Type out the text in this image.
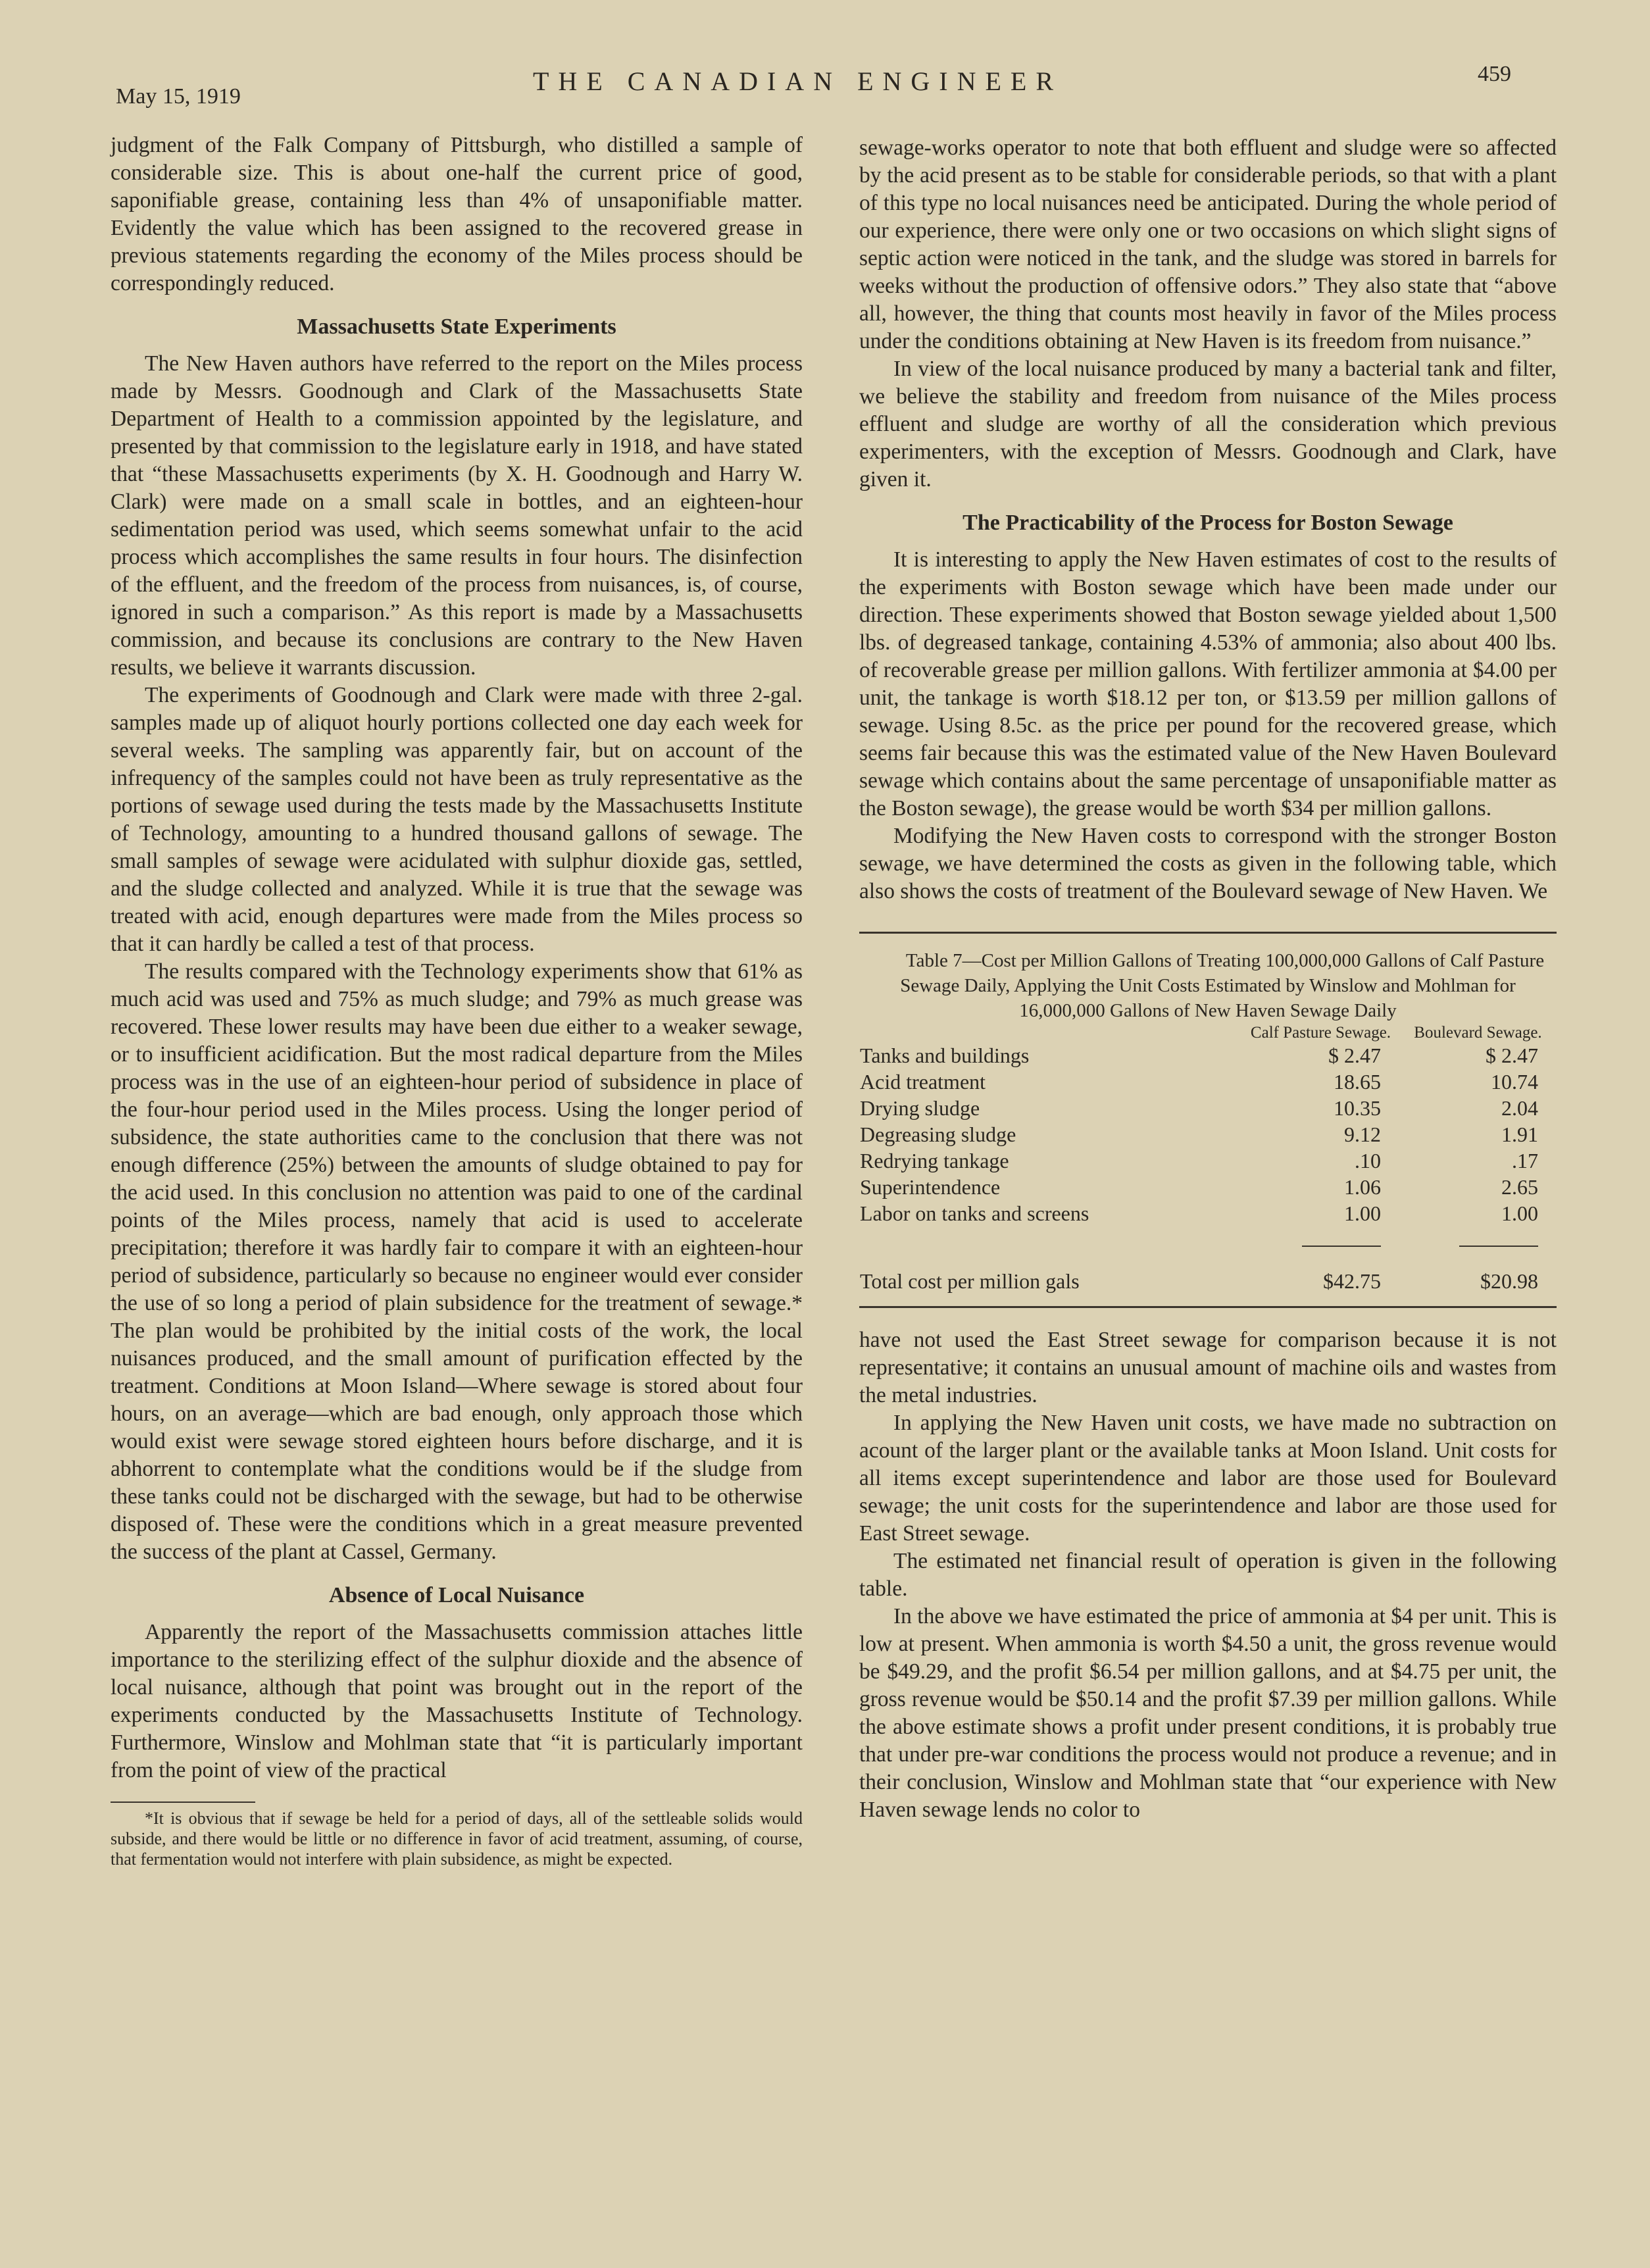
May 15, 1919
THE CANADIAN ENGINEER	459

judgment of the Falk Company of Pittsburgh, who distilled a sample of considerable size. This is about one-half the current price of good, saponifiable grease, containing less than 4% of unsaponifiable matter. Evidently the value which has been assigned to the recovered grease in previous statements regarding the economy of the Miles process should be correspondingly reduced.

Massachusetts State Experiments

The New Haven authors have referred to the report on the Miles process made by Messrs. Goodnough and Clark of the Massachusetts State Department of Health to a commission appointed by the legislature, and presented by that commission to the legislature early in 1918, and have stated that “these Massachusetts experiments (by X. H. Goodnough and Harry W. Clark) were made on a small scale in bottles, and an eighteen-hour sedimentation period was used, which seems somewhat unfair to the acid process which accomplishes the same results in four hours. The disinfection of the effluent, and the freedom of the process from nuisances, is, of course, ignored in such a comparison.” As this report is made by a Massachusetts commission, and because its conclusions are contrary to the New Haven results, we believe it warrants discussion.

The experiments of Goodnough and Clark were made with three 2-gal. samples made up of aliquot hourly portions collected one day each week for several weeks. The sampling was apparently fair, but on account of the infrequency of the samples could not have been as truly representative as the portions of sewage used during the tests made by the Massachusetts Institute of Technology, amounting to a hundred thousand gallons of sewage. The small samples of sewage were acidulated with sulphur dioxide gas, settled, and the sludge collected and analyzed. While it is true that the sewage was treated with acid, enough departures were made from the Miles process so that it can hardly be called a test of that process.

The results compared with the Technology experiments show that 61% as much acid was used and 75% as much sludge; and 79% as much grease was recovered. These lower results may have been due either to a weaker sewage, or to insufficient acidification. But the most radical departure from the Miles process was in the use of an eighteen-hour period of subsidence in place of the four-hour period used in the Miles process. Using the longer period of subsidence, the state authorities came to the conclusion that there was not enough difference (25%) between the amounts of sludge obtained to pay for the acid used. In this conclusion no attention was paid to one of the cardinal points of the Miles process, namely that acid is used to accelerate precipitation; therefore it was hardly fair to compare it with an eighteen-hour period of subsidence, particularly so because no engineer would ever consider the use of so long a period of plain subsidence for the treatment of sewage.* The plan would be prohibited by the initial costs of the work, the local nuisances produced, and the small amount of purification effected by the treatment. Conditions at Moon Island—Where sewage is stored about four hours, on an average—which are bad enough, only approach those which would exist were sewage stored eighteen hours before discharge, and it is abhorrent to contemplate what the conditions would be if the sludge from these tanks could not be discharged with the sewage, but had to be otherwise disposed of. These were the conditions which in a great measure prevented the success of the plant at Cassel, Germany.

Absence of Local Nuisance

Apparently the report of the Massachusetts commission attaches little importance to the sterilizing effect of the sulphur dioxide and the absence of local nuisance, although that point was brought out in the report of the experiments conducted by the Massachusetts Institute of Technology. Furthermore, Winslow and Mohlman state that “it is particularly important from the point of view of the practical

*It is obvious that if sewage be held for a period of days, all of the settleable solids would subside, and there would be little or no difference in favor of acid treatment, assuming, of course, that fermentation would not interfere with plain subsidence, as might be expected.

sewage-works operator to note that both effluent and sludge were so affected by the acid present as to be stable for considerable periods, so that with a plant of this type no local nuisances need be anticipated. During the whole period of our experience, there were only one or two occasions on which slight signs of septic action were noticed in the tank, and the sludge was stored in barrels for weeks without the production of offensive odors.” They also state that “above all, however, the thing that counts most heavily in favor of the Miles process under the conditions obtaining at New Haven is its freedom from nuisance.”

In view of the local nuisance produced by many a bacterial tank and filter, we believe the stability and freedom from nuisance of the Miles process effluent and sludge are worthy of all the consideration which previous experimenters, with the exception of Messrs. Goodnough and Clark, have given it.

The Practicability of the Process for Boston Sewage

It is interesting to apply the New Haven estimates of cost to the results of the experiments with Boston sewage which have been made under our direction. These experiments showed that Boston sewage yielded about 1,500 lbs. of degreased tankage, containing 4.53% of ammonia; also about 400 lbs. of recoverable grease per million gallons. With fertilizer ammonia at $4.00 per unit, the tankage is worth $18.12 per ton, or $13.59 per million gallons of sewage. Using 8.5c. as the price per pound for the recovered grease, which seems fair because this was the estimated value of the New Haven Boulevard sewage which contains about the same percentage of unsaponifiable matter as the Boston sewage), the grease would be worth $34 per million gallons.

Modifying the New Haven costs to correspond with the stronger Boston sewage, we have determined the costs as given in the following table, which also shows the costs of treatment of the Boulevard sewage of New Haven. We

Table 7—Cost per Million Gallons of Treating 100,000,000 Gallons of Calf Pasture Sewage Daily, Applying the Unit Costs Estimated by Winslow and Mohlman for 16,000,000 Gallons of New Haven Sewage Daily

	Calf Pasture Sewage.	Boulevard Sewage.
Tanks and buildings	$ 2.47	$ 2.47
Acid treatment	18.65	10.74
Drying sludge	10.35	2.04
Degreasing sludge	9.12	1.91
Redrying tankage	.10	.17
Superintendence	1.06	2.65
Labor on tanks and screens	1.00	1.00

Total cost per million gals	$42.75	$20.98

have not used the East Street sewage for comparison because it is not representative; it contains an unusual amount of machine oils and wastes from the metal industries.

In applying the New Haven unit costs, we have made no subtraction on acount of the larger plant or the available tanks at Moon Island. Unit costs for all items except superintendence and labor are those used for Boulevard sewage; the unit costs for the superintendence and labor are those used for East Street sewage.

The estimated net financial result of operation is given in the following table.

In the above we have estimated the price of ammonia at $4 per unit. This is low at present. When ammonia is worth $4.50 a unit, the gross revenue would be $49.29, and the profit $6.54 per million gallons, and at $4.75 per unit, the gross revenue would be $50.14 and the profit $7.39 per million gallons. While the above estimate shows a profit under present conditions, it is probably true that under pre-war conditions the process would not produce a revenue; and in their conclusion, Winslow and Mohlman state that “our experience with New Haven sewage lends no color to
